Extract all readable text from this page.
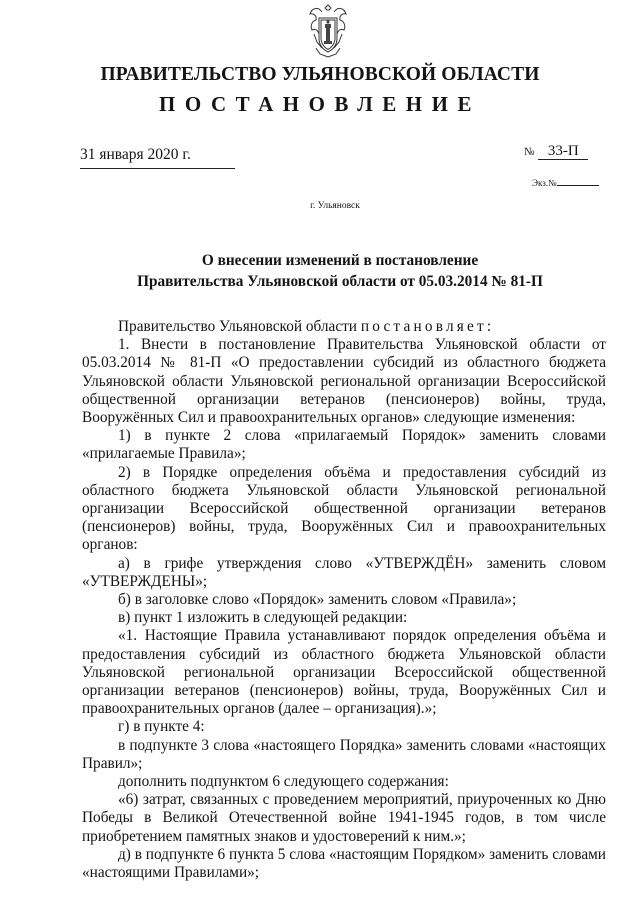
ПРАВИТЕЛЬСТВО УЛЬЯНОВСКОЙ ОБЛАСТИ
ПОСТАНОВЛЕНИЕ
31 января 2020 г.	№ 33-П
Экз.№
г. Ульяновск
О внесении изменений в постановление
Правительства Ульяновской области от 05.03.2014 № 81-П

Правительство Ульяновской области постановляет:

1. Внести в постановление Правительства Ульяновской области от 05.03.2014 № 81-П «О предоставлении субсидий из областного бюджета Ульяновской области Ульяновской региональной организации Всероссийской общественной организации ветеранов (пенсионеров) войны, труда, Вооружённых Сил и правоохранительных органов» следующие изменения:

1) в пункте 2 слова «прилагаемый Порядок» заменить словами «прилагаемые Правила»;

2) в Порядке определения объёма и предоставления субсидий из областного бюджета Ульяновской области Ульяновской региональной организации Всероссийской общественной организации ветеранов (пенсионеров) войны, труда, Вооружённых Сил и правоохранительных органов:

а) в грифе утверждения слово «УТВЕРЖДЁН» заменить словом «УТВЕРЖДЕНЫ»;

б) в заголовке слово «Порядок» заменить словом «Правила»;

в) пункт 1 изложить в следующей редакции:

«1. Настоящие Правила устанавливают порядок определения объёма и предоставления субсидий из областного бюджета Ульяновской области Ульяновской региональной организации Всероссийской общественной организации ветеранов (пенсионеров) войны, труда, Вооружённых Сил и правоохранительных органов (далее – организация).»;

г) в пункте 4:

в подпункте 3 слова «настоящего Порядка» заменить словами «настоящих Правил»;

дополнить подпунктом 6 следующего содержания:

«6) затрат, связанных с проведением мероприятий, приуроченных ко Дню Победы в Великой Отечественной войне 1941-1945 годов, в том числе приобретением памятных знаков и удостоверений к ним.»;

д) в подпункте 6 пункта 5 слова «настоящим Порядком» заменить словами «настоящими Правилами»;
